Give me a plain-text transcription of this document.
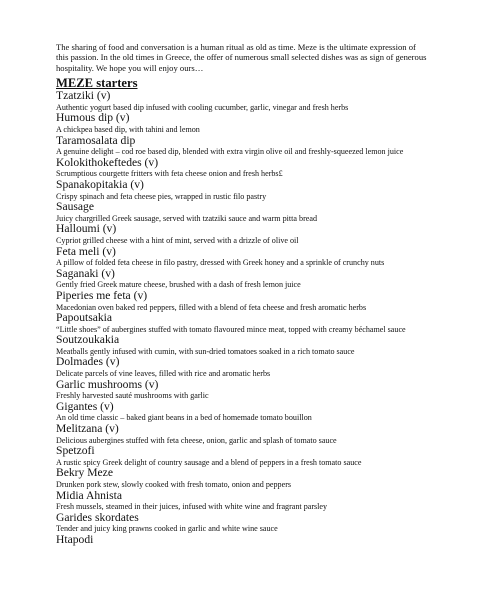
The sharing of food and conversation is a human ritual as old as time. Meze is the ultimate expression of this passion. In the old times in Greece, the offer of numerous small selected dishes was as sign of generous hospitality. We hope you will enjoy ours…

MEZE starters
Tzatziki (v)
Authentic yogurt based dip infused with cooling cucumber, garlic, vinegar and fresh herbs
Humous dip (v)
A chickpea based dip, with tahini and lemon
Taramosalata dip
A genuine delight – cod roe based dip, blended with extra virgin olive oil and freshly-squeezed lemon juice
Kolokithokeftedes (v)
Scrumptious courgette fritters with feta cheese onion and fresh herbs£
Spanakopitakia (v)
Crispy spinach and feta cheese pies, wrapped in rustic filo pastry
Sausage
Juicy chargrilled Greek sausage, served with tzatziki sauce and warm pitta bread
Halloumi (v)
Cypriot grilled cheese with a hint of mint, served with a drizzle of olive oil
Feta meli (v)
A pillow of folded feta cheese in filo pastry, dressed with Greek honey and a sprinkle of crunchy nuts
Saganaki (v)
Gently fried Greek mature cheese, brushed with a dash of fresh lemon juice
Piperies me feta (v)
Macedonian oven baked red peppers, filled with a blend of feta cheese and fresh aromatic herbs
Papoutsakia
“Little shoes” of aubergines stuffed with tomato flavoured mince meat, topped with creamy béchamel sauce
Soutzoukakia
Meatballs gently infused with cumin, with sun-dried tomatoes soaked in a rich tomato sauce
Dolmades (v)
Delicate parcels of vine leaves, filled with rice and aromatic herbs
Garlic mushrooms (v)
Freshly harvested sauté mushrooms with garlic
Gigantes (v)
An old time classic – baked giant beans in a bed of homemade tomato bouillon
Melitzana (v)
Delicious aubergines stuffed with feta cheese, onion, garlic and splash of tomato sauce
Spetzofi
A rustic spicy Greek delight of country sausage and a blend of peppers in a fresh tomato sauce
Bekry Meze
Drunken pork stew, slowly cooked with fresh tomato, onion and peppers
Midia Ahnista
Fresh mussels, steamed in their juices, infused with white wine and fragrant parsley
Garides skordates
Tender and juicy king prawns cooked in garlic and white wine sauce
Htapodi
